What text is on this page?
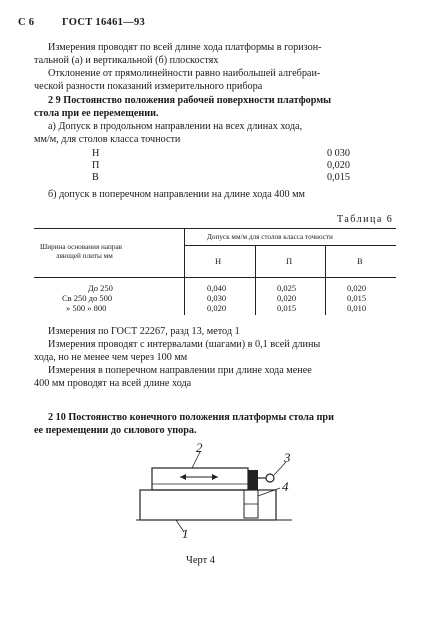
С 6	ГОСТ 16461—93
Измерения проводят по всей длине хода платформы в горизон-
тальной (а) и вертикальной (б) плоскостях
Отклонение от прямолинейности равно наибольшей алгебраи-
ческой разности показаний измерительного прибора
2 9 Постоянство положения рабочей поверхности платформы
стола при ее перемещении.
а) Допуск в продольном направлении на всех длинах хода,
мм/м, для столов класса точности
Н	0 030
П	0,020
В	0,015
б) допуск в поперечном направлении на длине хода 400 мм
Таблица 6
Ширина основания направ
ляющей плиты мм
Допуск мм/м для столов класса точности
Н	П	В
До 250	0,040	0,025	0,020
Св 250 до 500	0,030	0,020	0,015
» 500 » 800	0,020	0,015	0,010
Измерения по ГОСТ 22267, разд 13, метод 1
Измерения проводят с интервалами (шагами) в 0,1 всей длины
хода, но не менее чем через 100 мм
Измерения в поперечном направлении при длине хода менее
400 мм проводят на всей длине хода
2 10 Постоянство конечного положения платформы стола при
ее перемещении до силового упора.
2
3
4
1
Черт 4
